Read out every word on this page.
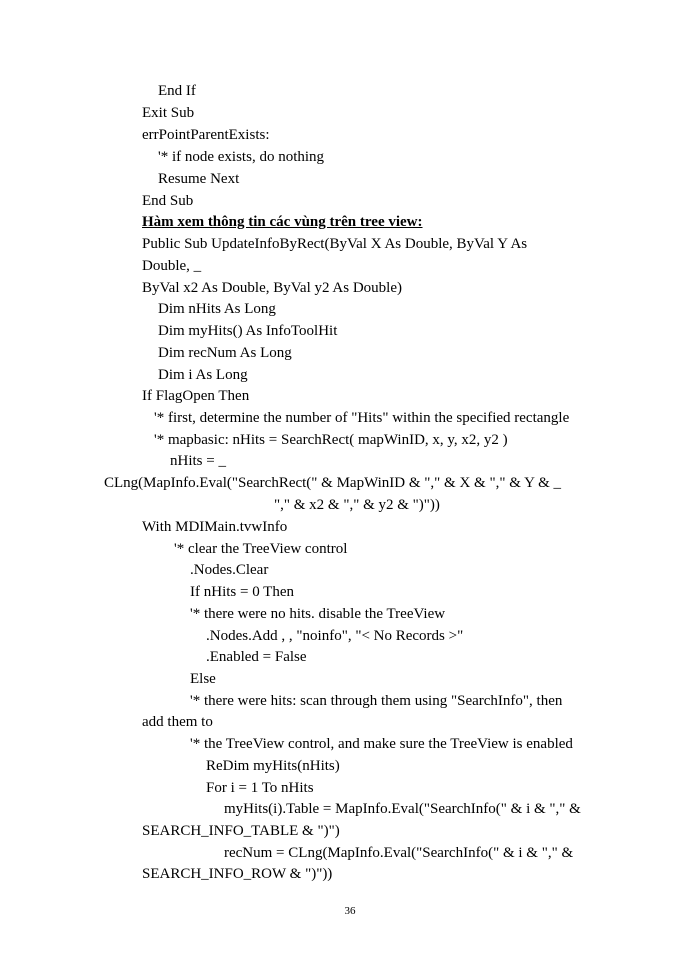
End If

Exit Sub

errPointParentExists:

'* if node exists, do nothing

Resume Next

End Sub

Hàm xem thông tin các vùng trên tree view:

Public Sub UpdateInfoByRect(ByVal X As Double, ByVal Y As

Double, _

ByVal x2 As Double, ByVal y2 As Double)

Dim nHits As Long

Dim myHits() As InfoToolHit

Dim recNum As Long

Dim i As Long

If FlagOpen Then

'* first, determine the number of "Hits" within the specified rectangle

'* mapbasic: nHits = SearchRect( mapWinID, x, y, x2, y2 )

nHits = _

CLng(MapInfo.Eval("SearchRect(" & MapWinID & "," & X & "," & Y & _

"," & x2 & "," & y2 & ")"))

With MDIMain.tvwInfo

'* clear the TreeView control

.Nodes.Clear

If nHits = 0 Then

'* there were no hits. disable the TreeView

.Nodes.Add , , "noinfo", "< No Records >"

.Enabled = False

Else

'* there were hits: scan through them using "SearchInfo", then

add them to

'* the TreeView control, and make sure the TreeView is enabled

ReDim myHits(nHits)

For i = 1 To nHits

myHits(i).Table = MapInfo.Eval("SearchInfo(" & i & "," &

SEARCH_INFO_TABLE & ")")

recNum = CLng(MapInfo.Eval("SearchInfo(" & i & "," &

SEARCH_INFO_ROW & ")"))

36
